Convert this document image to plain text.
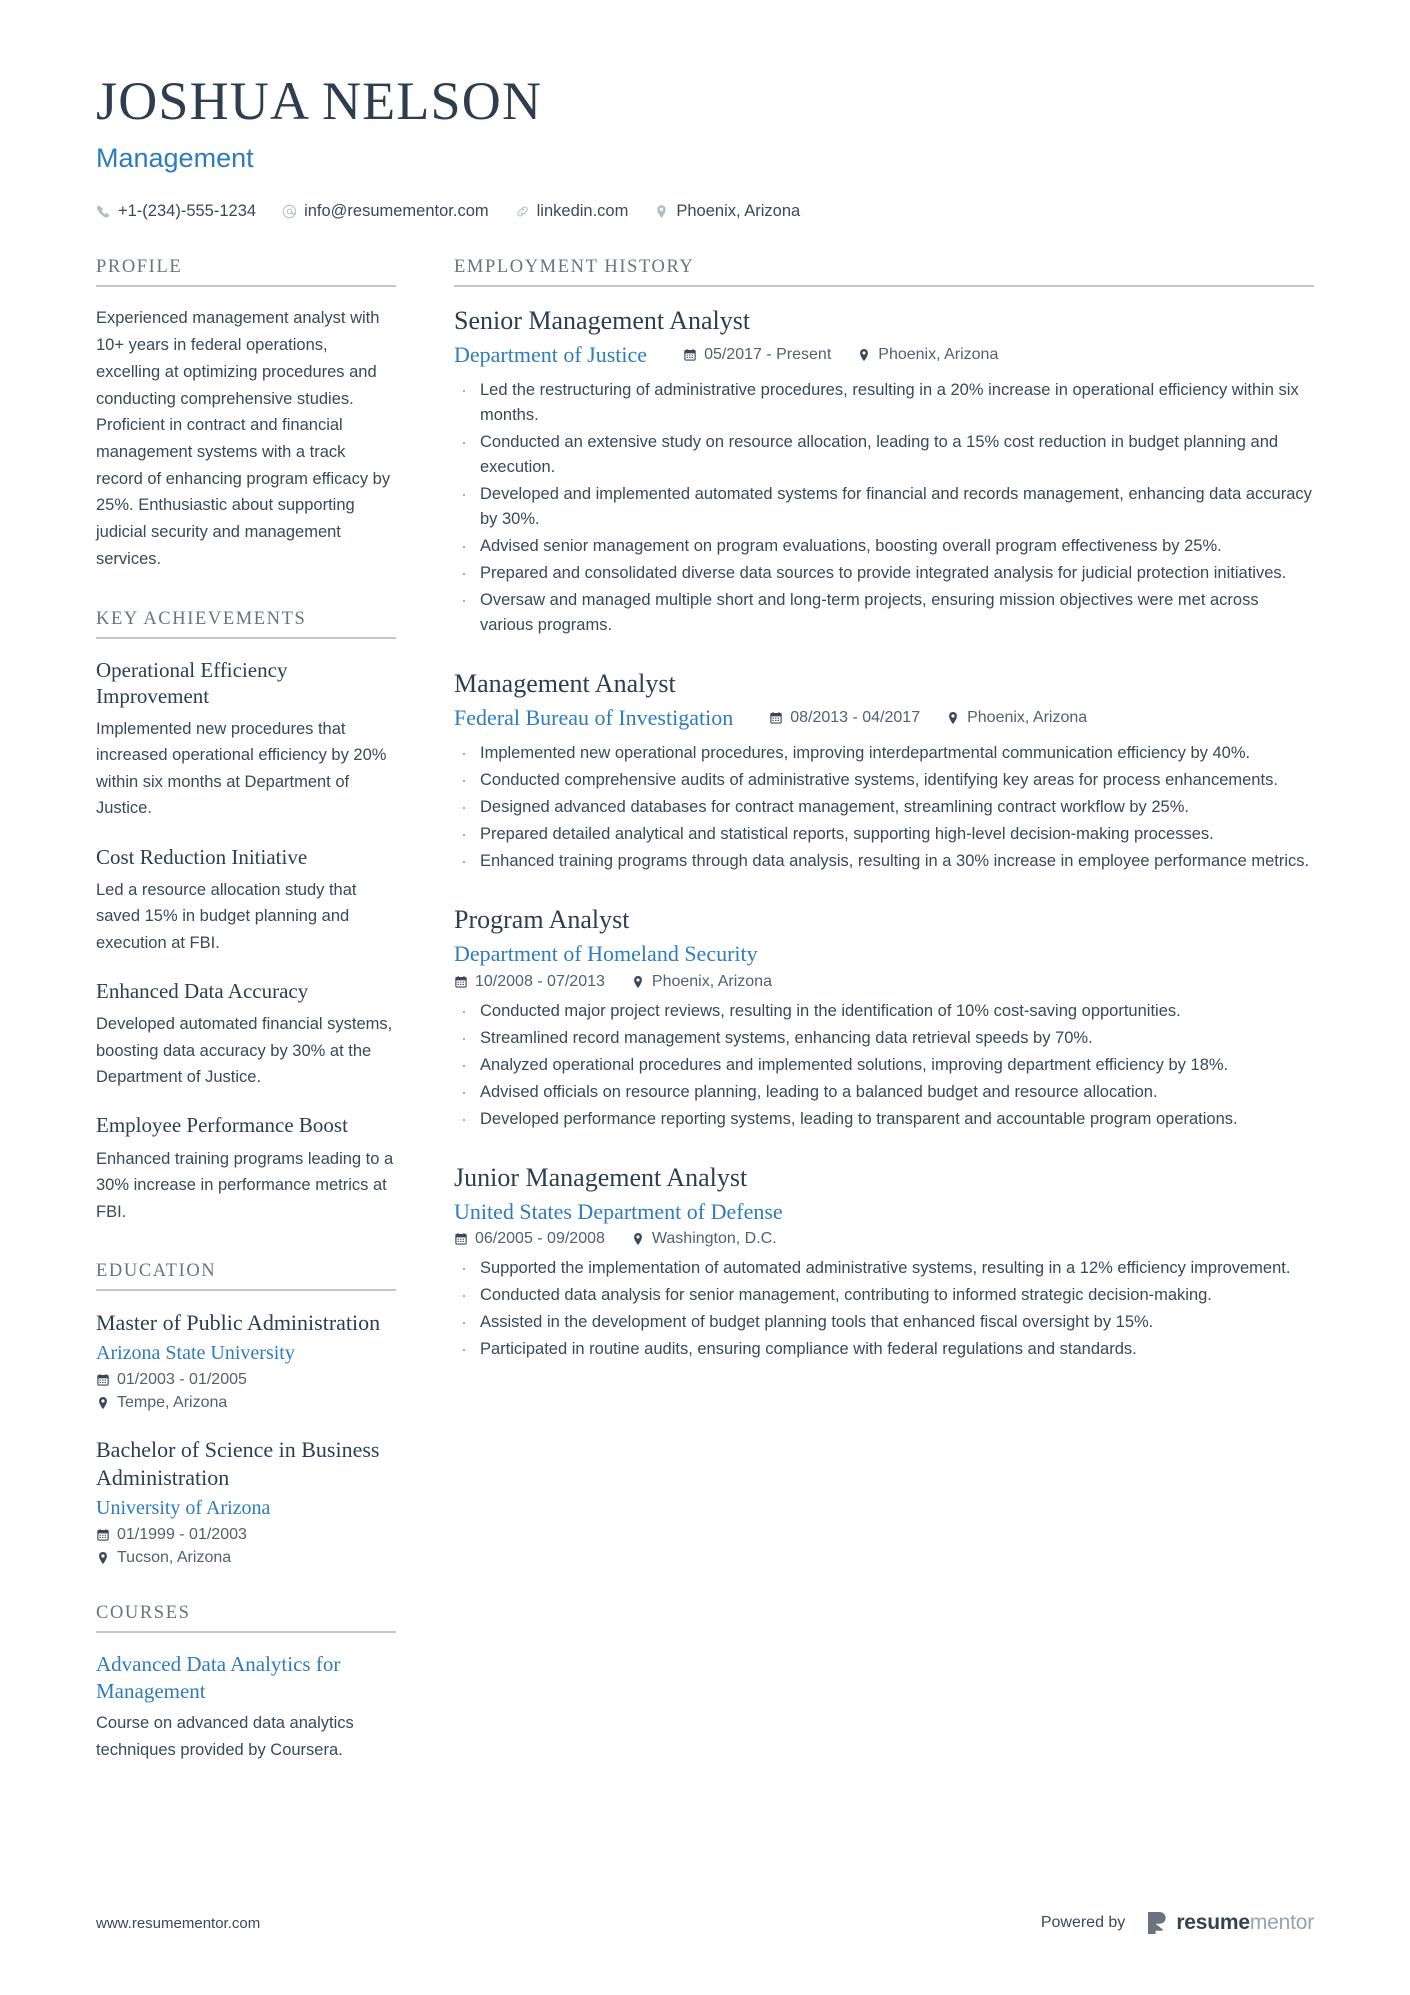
JOSHUA NELSON
Management
+1-(234)-555-1234	info@resumementor.com	linkedin.com	Phoenix, Arizona
PROFILE
Experienced management analyst with 10+ years in federal operations, excelling at optimizing procedures and conducting comprehensive studies. Proficient in contract and financial management systems with a track record of enhancing program efficacy by 25%. Enthusiastic about supporting judicial security and management services.
KEY ACHIEVEMENTS
Operational Efficiency Improvement
Implemented new procedures that increased operational efficiency by 20% within six months at Department of Justice.
Cost Reduction Initiative
Led a resource allocation study that saved 15% in budget planning and execution at FBI.
Enhanced Data Accuracy
Developed automated financial systems, boosting data accuracy by 30% at the Department of Justice.
Employee Performance Boost
Enhanced training programs leading to a 30% increase in performance metrics at FBI.
EDUCATION
Master of Public Administration
Arizona State University
01/2003 - 01/2005
Tempe, Arizona
Bachelor of Science in Business Administration
University of Arizona
01/1999 - 01/2003
Tucson, Arizona
COURSES
Advanced Data Analytics for Management
Course on advanced data analytics techniques provided by Coursera.
EMPLOYMENT HISTORY
Senior Management Analyst
Department of Justice	05/2017 - Present	Phoenix, Arizona
· Led the restructuring of administrative procedures, resulting in a 20% increase in operational efficiency within six months.
· Conducted an extensive study on resource allocation, leading to a 15% cost reduction in budget planning and execution.
· Developed and implemented automated systems for financial and records management, enhancing data accuracy by 30%.
· Advised senior management on program evaluations, boosting overall program effectiveness by 25%.
· Prepared and consolidated diverse data sources to provide integrated analysis for judicial protection initiatives.
· Oversaw and managed multiple short and long-term projects, ensuring mission objectives were met across various programs.
Management Analyst
Federal Bureau of Investigation	08/2013 - 04/2017	Phoenix, Arizona
· Implemented new operational procedures, improving interdepartmental communication efficiency by 40%.
· Conducted comprehensive audits of administrative systems, identifying key areas for process enhancements.
· Designed advanced databases for contract management, streamlining contract workflow by 25%.
· Prepared detailed analytical and statistical reports, supporting high-level decision-making processes.
· Enhanced training programs through data analysis, resulting in a 30% increase in employee performance metrics.
Program Analyst
Department of Homeland Security
10/2008 - 07/2013	Phoenix, Arizona
· Conducted major project reviews, resulting in the identification of 10% cost-saving opportunities.
· Streamlined record management systems, enhancing data retrieval speeds by 70%.
· Analyzed operational procedures and implemented solutions, improving department efficiency by 18%.
· Advised officials on resource planning, leading to a balanced budget and resource allocation.
· Developed performance reporting systems, leading to transparent and accountable program operations.
Junior Management Analyst
United States Department of Defense
06/2005 - 09/2008	Washington, D.C.
· Supported the implementation of automated administrative systems, resulting in a 12% efficiency improvement.
· Conducted data analysis for senior management, contributing to informed strategic decision-making.
· Assisted in the development of budget planning tools that enhanced fiscal oversight by 15%.
· Participated in routine audits, ensuring compliance with federal regulations and standards.
www.resumementor.com	Powered by resumementor
